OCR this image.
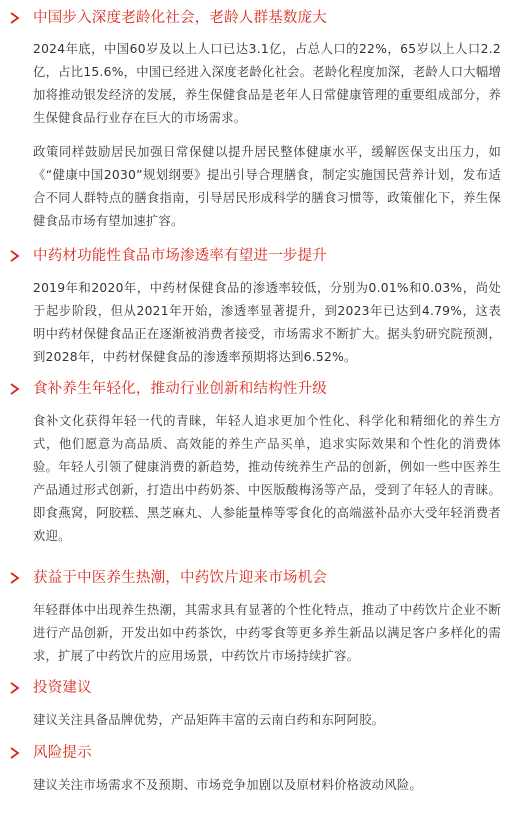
中国步入深度老龄化社会，老龄人群基数庞大

2024年底，中国60岁及以上人口已达3.1亿，占总人口的22%，65岁以上人口2.2亿，占比15.6%，中国已经进入深度老龄化社会。老龄化程度加深，老龄人口大幅增加将推动银发经济的发展，养生保健食品是老年人日常健康管理的重要组成部分，养生保健食品行业存在巨大的市场需求。

政策同样鼓励居民加强日常保健以提升居民整体健康水平，缓解医保支出压力，如《“健康中国2030”规划纲要》提出引导合理膳食，制定实施国民营养计划，发布适合不同人群特点的膳食指南，引导居民形成科学的膳食习惯等，政策催化下，养生保健食品市场有望加速扩容。

中药材功能性食品市场渗透率有望进一步提升

2019年和2020年，中药材保健食品的渗透率较低，分别为0.01%和0.03%，尚处于起步阶段，但从2021年开始，渗透率显著提升，到2023年已达到4.79%，这表明中药材保健食品正在逐渐被消费者接受，市场需求不断扩大。据头豹研究院预测，到2028年，中药材保健食品的渗透率预期将达到6.52%。

食补养生年轻化，推动行业创新和结构性升级

食补文化获得年轻一代的青睐，年轻人追求更加个性化、科学化和精细化的养生方式，他们愿意为高品质、高效能的养生产品买单，追求实际效果和个性化的消费体验。年轻人引领了健康消费的新趋势，推动传统养生产品的创新，例如一些中医养生产品通过形式创新，打造出中药奶茶、中医版酸梅汤等产品，受到了年轻人的青睐。即食燕窝，阿胶糕、黑芝麻丸、人参能量棒等零食化的高端滋补品亦大受年轻消费者欢迎。

获益于中医养生热潮，中药饮片迎来市场机会

年轻群体中出现养生热潮，其需求具有显著的个性化特点，推动了中药饮片企业不断进行产品创新，开发出如中药茶饮，中药零食等更多养生新品以满足客户多样化的需求，扩展了中药饮片的应用场景，中药饮片市场持续扩容。

投资建议

建议关注具备品牌优势，产品矩阵丰富的云南白药和东阿阿胶。

风险提示

建议关注市场需求不及预期、市场竞争加剧以及原材料价格波动风险。
